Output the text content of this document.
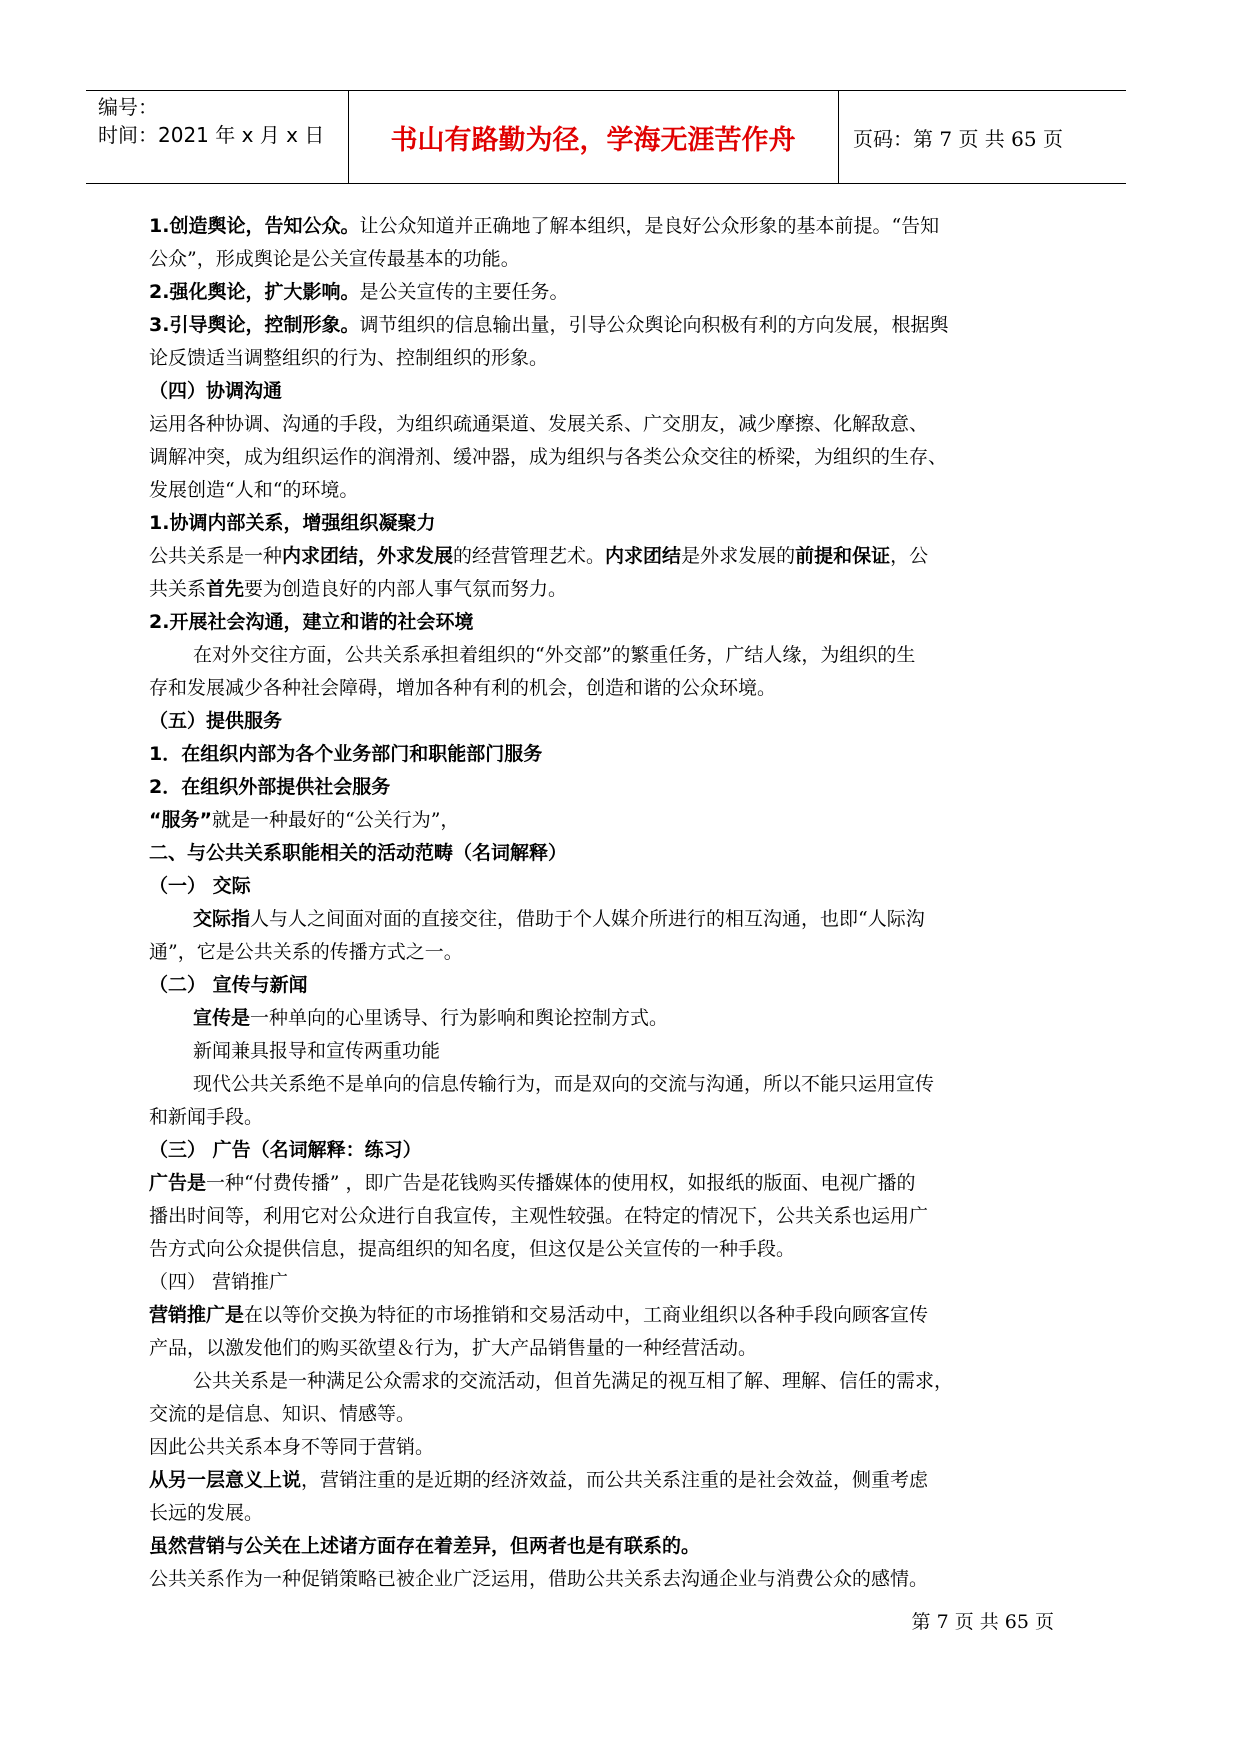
编号：
时间：2021 年 x 月 x 日	书山有路勤为径，学海无涯苦作舟	页码：第 7 页 共 65 页

1.创造舆论，告知公众。让公众知道并正确地了解本组织，是良好公众形象的基本前提。“告知

公众”，形成舆论是公关宣传最基本的功能。

2.强化舆论，扩大影响。是公关宣传的主要任务。

3.引导舆论，控制形象。调节组织的信息输出量，引导公众舆论向积极有利的方向发展，根据舆

论反馈适当调整组织的行为、控制组织的形象。

（四）协调沟通

运用各种协调、沟通的手段，为组织疏通渠道、发展关系、广交朋友，减少摩擦、化解敌意、

调解冲突，成为组织运作的润滑剂、缓冲器，成为组织与各类公众交往的桥梁，为组织的生存、

发展创造“人和“的环境。

1.协调内部关系，增强组织凝聚力

公共关系是一种内求团结，外求发展的经营管理艺术。内求团结是外求发展的前提和保证，公

共关系首先要为创造良好的内部人事气氛而努力。

2.开展社会沟通，建立和谐的社会环境

在对外交往方面，公共关系承担着组织的“外交部”的繁重任务，广结人缘，为组织的生

存和发展减少各种社会障碍，增加各种有利的机会，创造和谐的公众环境。

（五）提供服务

1．在组织内部为各个业务部门和职能部门服务

2．在组织外部提供社会服务

“服务”就是一种最好的“公关行为”，

二、与公共关系职能相关的活动范畴（名词解释）

（一） 交际

交际指人与人之间面对面的直接交往，借助于个人媒介所进行的相互沟通，也即“人际沟

通”，它是公共关系的传播方式之一。

（二） 宣传与新闻

宣传是一种单向的心里诱导、行为影响和舆论控制方式。

新闻兼具报导和宣传两重功能

现代公共关系绝不是单向的信息传输行为，而是双向的交流与沟通，所以不能只运用宣传

和新闻手段。

（三） 广告（名词解释：练习）

广告是一种“付费传播” ，即广告是花钱购买传播媒体的使用权，如报纸的版面、电视广播的

播出时间等，利用它对公众进行自我宣传，主观性较强。在特定的情况下，公共关系也运用广

告方式向公众提供信息，提高组织的知名度，但这仅是公关宣传的一种手段。

（四） 营销推广

营销推广是在以等价交换为特征的市场推销和交易活动中，工商业组织以各种手段向顾客宣传

产品，以激发他们的购买欲望＆行为，扩大产品销售量的一种经营活动。

公共关系是一种满足公众需求的交流活动，但首先满足的视互相了解、理解、信任的需求，

交流的是信息、知识、情感等。

因此公共关系本身不等同于营销。

从另一层意义上说，营销注重的是近期的经济效益，而公共关系注重的是社会效益，侧重考虑

长远的发展。

虽然营销与公关在上述诸方面存在着差异，但两者也是有联系的。

公共关系作为一种促销策略已被企业广泛运用，借助公共关系去沟通企业与消费公众的感情。

第 7 页 共 65 页
